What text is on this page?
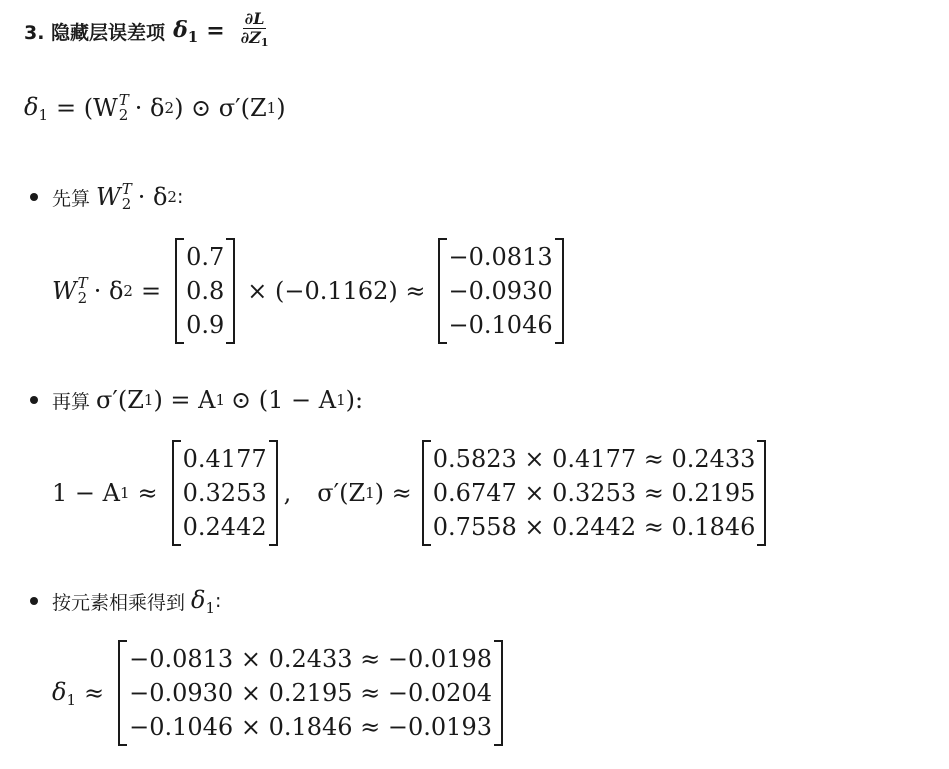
3. 隐藏层误差项 $\delta_1 = \frac{\partial L}{\partial Z1}$
$\delta_1 = (W$ T
2 · δ 2 ) ⊙ σ′(Z 1 )
先算 W T
2 · δ 2 :
W T
2 · δ 2 =
0.7
0.8
0.9
× (−0.1162) ≈
−0.0813
−0.0930
−0.1046
再算 σ′(Z 1 ) = A 1 ⊙ (1 − A 1 ):
1 − A 1 ≈
0.4177
0.3253
0.2442
, σ′(Z 1 ) ≈
0.5823 × 0.4177 ≈ 0.2433
0.6747 × 0.3253 ≈ 0.2195
0.7558 × 0.2442 ≈ 0.1846
按元素相乘得到 $\delta_1$ :
$\delta_1$ ≈
−0.0813 × 0.2433 ≈ −0.0198
−0.0930 × 0.2195 ≈ −0.0204
−0.1046 × 0.1846 ≈ −0.0193
